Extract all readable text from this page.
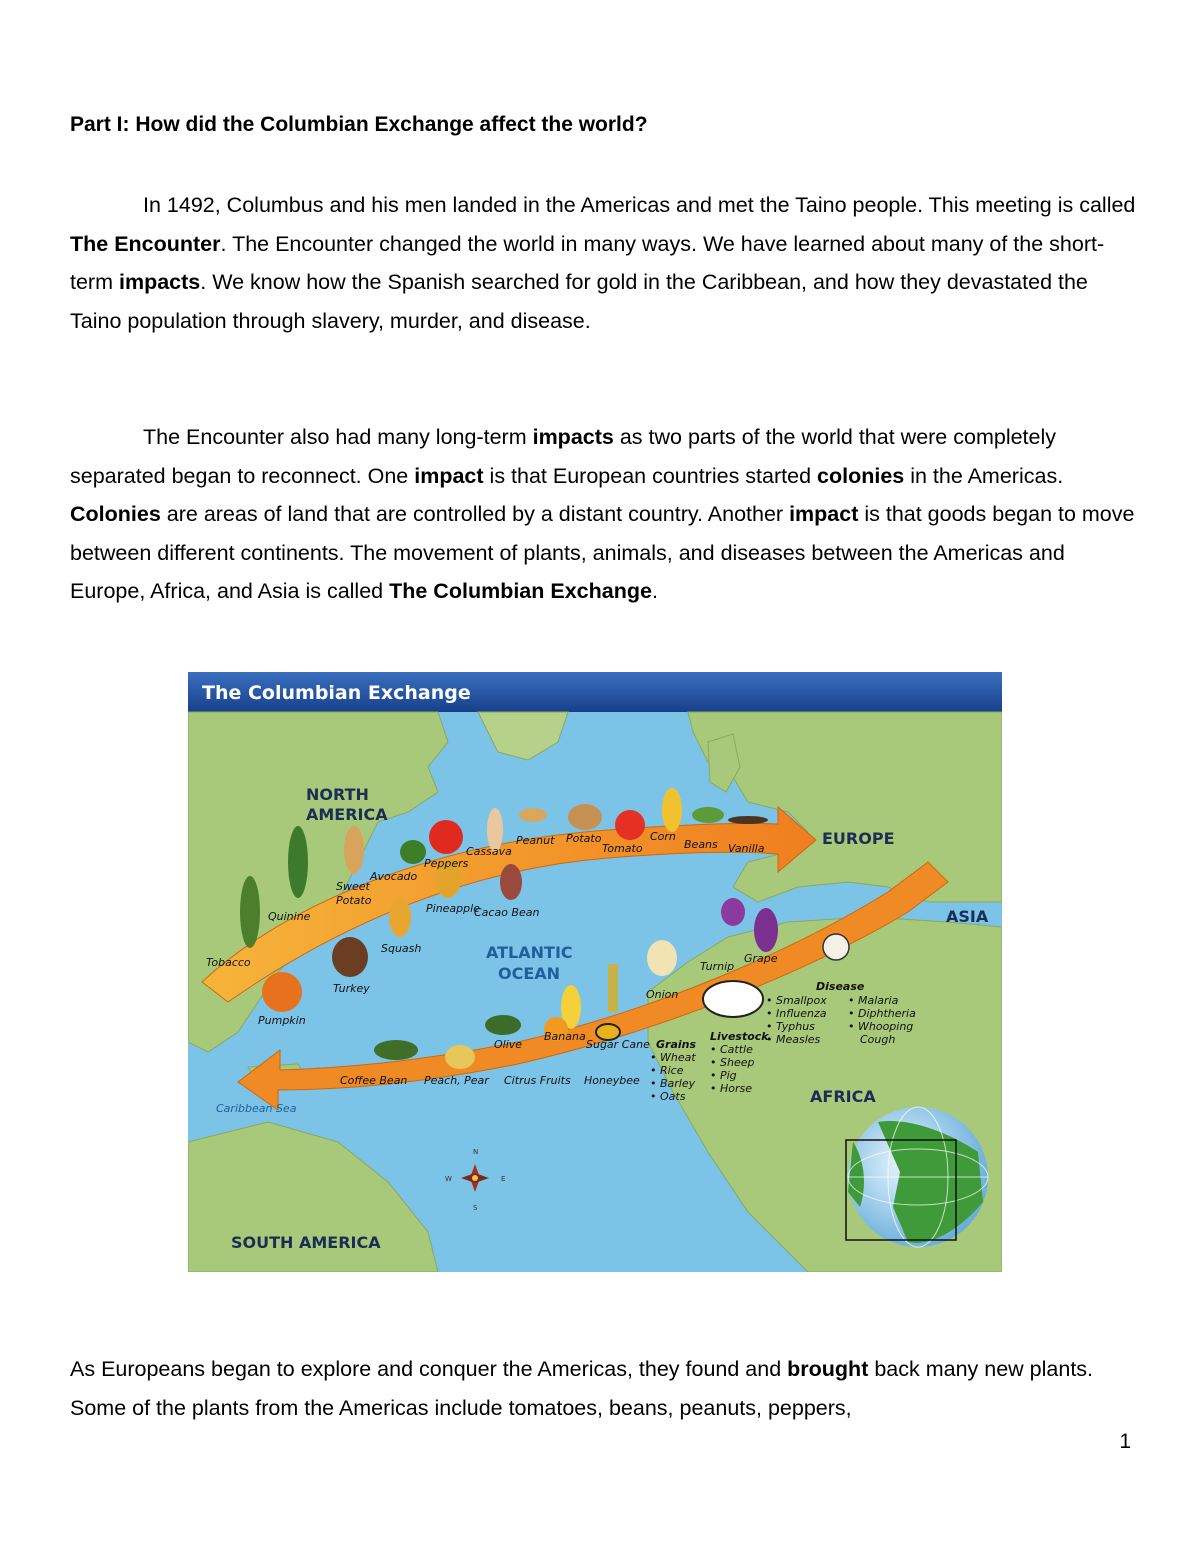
Part I: How did the Columbian Exchange affect the world?

In 1492, Columbus and his men landed in the Americas and met the Taino people. This meeting is called The Encounter. The Encounter changed the world in many ways. We have learned about many of the short-term impacts. We know how the Spanish searched for gold in the Caribbean, and how they devastated the Taino population through slavery, murder, and disease.

The Encounter also had many long-term impacts as two parts of the world that were completely separated began to reconnect. One impact is that European countries started colonies in the Americas. Colonies are areas of land that are controlled by a distant country. Another impact is that goods began to move between different continents. The movement of plants, animals, and diseases between the Americas and Europe, Africa, and Asia is called The Columbian Exchange.

The Columbian Exchange
NORTH
AMERICA
EUROPE
ASIA
AFRICA
SOUTH AMERICA
ATLANTIC
OCEAN
Caribbean Sea
Tobacco
Quinine
Sweet
Potato
Avocado
Peppers
Cassava
Peanut Potato
Tomato
Corn
Beans Vanilla
Pineapple
Cacao Bean
Squash
Turkey
Pumpkin
Turnip
Grape
Onion
Sugar Cane
Banana
Olive
Coffee Bean Peach, Pear Citrus Fruits Honeybee
Disease
• Smallpox
• Influenza
• Typhus
• Measles
• Malaria
• Diphtheria
• Whooping
Cough
Grains
• Wheat
• Rice
• Barley
• Oats
Livestock
• Cattle
• Sheep
• Pig
• Horse
N
S
E
W

As Europeans began to explore and conquer the Americas, they found and brought back many new plants. Some of the plants from the Americas include tomatoes, beans, peanuts, peppers,

1
